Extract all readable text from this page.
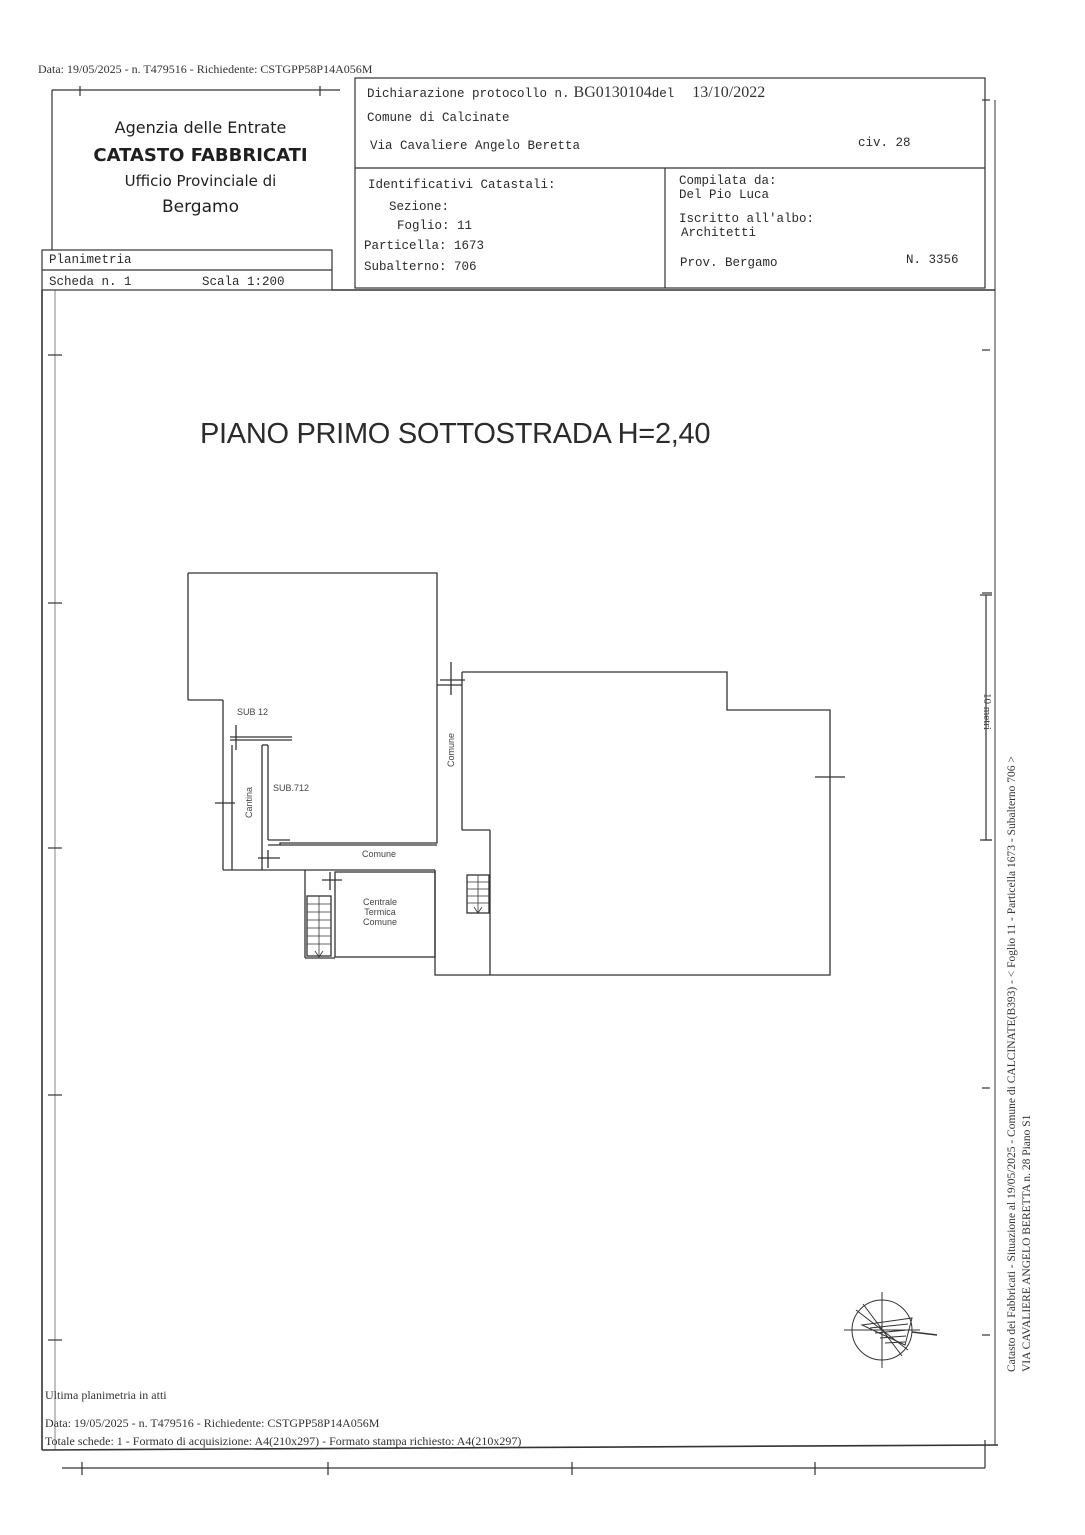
Data: 19/05/2025 - n. T479516 - Richiedente: CSTGPP58P14A056M
Agenzia delle Entrate
CATASTO FABBRICATI
Ufficio Provinciale di
Bergamo
Dichiarazione protocollo n. BG0130104del 13/10/2022
Comune di Calcinate
Via Cavaliere Angelo Beretta	civ. 28
Identificativi Catastali:
Sezione:
Foglio: 11
Particella: 1673
Subalterno: 706
Compilata da:
Del Pio Luca
Iscritto all'albo:
Architetti
Prov. Bergamo	N. 3356
Planimetria
Scheda n. 1	Scala 1:200
PIANO PRIMO SOTTOSTRADA H=2,40
SUB 12
SUB.712
Cantina
Comune
Comune
Centrale
Termica
Comune
10 metri
Catasto dei Fabbricati - Situazione al 19/05/2025 - Comune di CALCINATE(B393) - < Foglio 11 - Particella 1673 - Subalterno 706 > VIA CAVALIERE ANGELO BERETTA n. 28 Piano S1
Ultima planimetria in atti
Data: 19/05/2025 - n. T479516 - Richiedente: CSTGPP58P14A056M
Totale schede: 1 - Formato di acquisizione: A4(210x297) - Formato stampa richiesto: A4(210x297)
